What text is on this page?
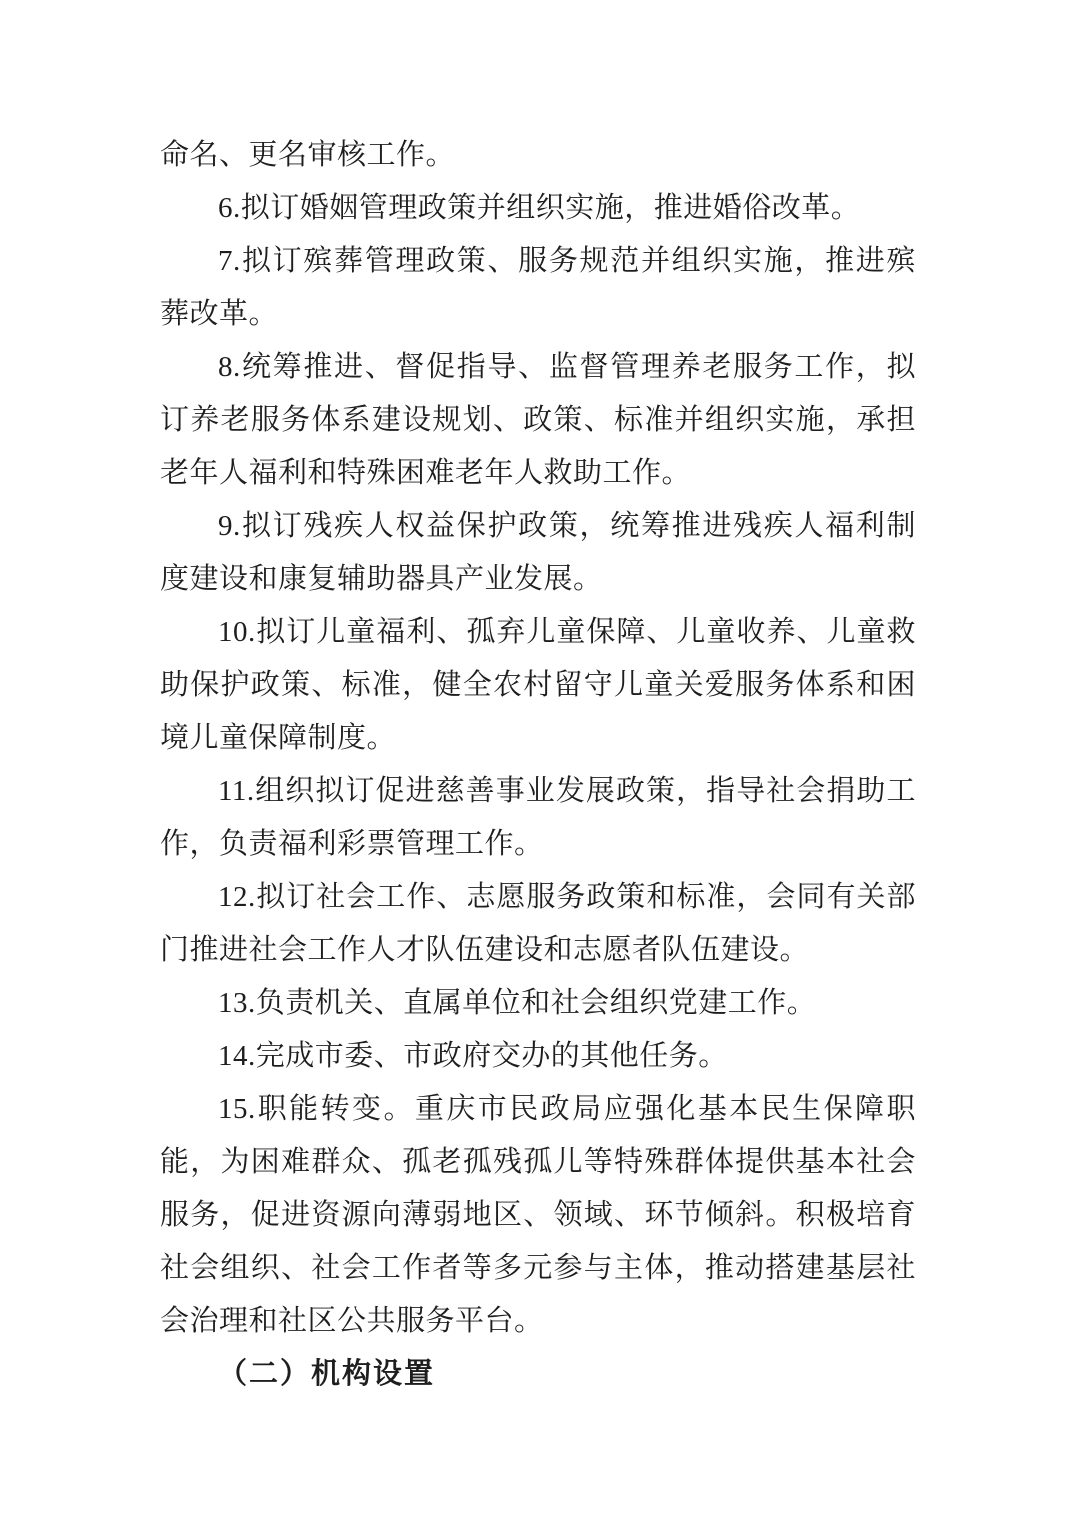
命名、更名审核工作。

6.拟订婚姻管理政策并组织实施，推进婚俗改革。

7.拟订殡葬管理政策、服务规范并组织实施，推进殡葬改革。

8.统筹推进、督促指导、监督管理养老服务工作，拟订养老服务体系建设规划、政策、标准并组织实施，承担老年人福利和特殊困难老年人救助工作。

9.拟订残疾人权益保护政策，统筹推进残疾人福利制度建设和康复辅助器具产业发展。

10.拟订儿童福利、孤弃儿童保障、儿童收养、儿童救助保护政策、标准，健全农村留守儿童关爱服务体系和困境儿童保障制度。

11.组织拟订促进慈善事业发展政策，指导社会捐助工作，负责福利彩票管理工作。

12.拟订社会工作、志愿服务政策和标准，会同有关部门推进社会工作人才队伍建设和志愿者队伍建设。

13.负责机关、直属单位和社会组织党建工作。

14.完成市委、市政府交办的其他任务。

15.职能转变。重庆市民政局应强化基本民生保障职能，为困难群众、孤老孤残孤儿等特殊群体提供基本社会服务，促进资源向薄弱地区、领域、环节倾斜。积极培育社会组织、社会工作者等多元参与主体，推动搭建基层社会治理和社区公共服务平台。

（二）机构设置
